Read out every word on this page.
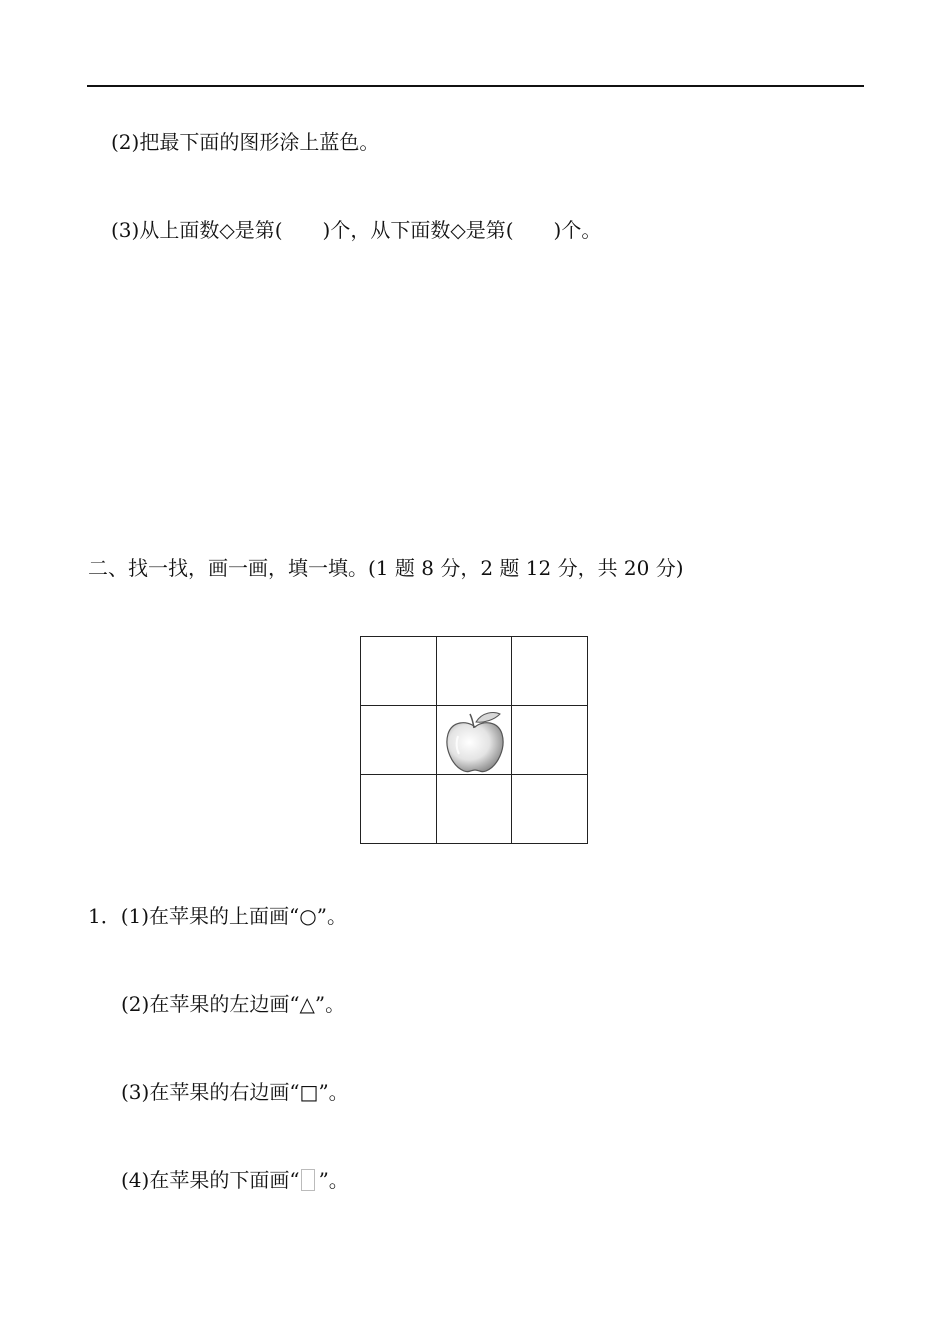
(2)把最下面的图形涂上蓝色。
(3)从上面数◇是第( )个，从下面数◇是第( )个。
二、找一找，画一画，填一填。(1 题 8 分，2 题 12 分，共 20 分)
1．(1)在苹果的上面画“○”。
(2)在苹果的左边画“△”。
(3)在苹果的右边画“□”。
(4)在苹果的下面画“ ”。
